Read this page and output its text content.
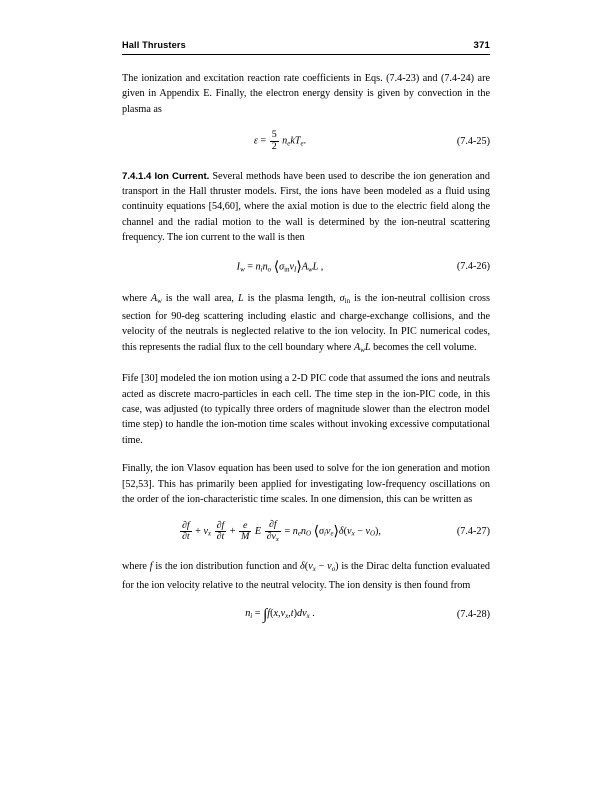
Hall Thrusters	371

The ionization and excitation reaction rate coefficients in Eqs. (7.4-23) and (7.4-24) are given in Appendix E. Finally, the electron energy density is given by convection in the plasma as

$\varepsilon = \frac{5}{2} n_ekT_e$.	(7.4-25)

7.4.1.4 Ion Current. Several methods have been used to describe the ion generation and transport in the Hall thruster models. First, the ions have been modeled as a fluid using continuity equations [54,60], where the axial motion is due to the electric field along the channel and the radial motion to the wall is determined by the ion-neutral scattering frequency. The ion current to the wall is then

$I_w = n_in_o$ $⟨\sigma_{in}v_I⟩A_wL$ ,	(7.4-26)

where $A_w$ is the wall area, L is the plasma length, $\sigma_{in}$ is the ion-neutral collision cross section for 90-deg scattering including elastic and charge-exchange collisions, and the velocity of the neutrals is neglected relative to the ion velocity. In PIC numerical codes, this represents the radial flux to the cell boundary where $A_wL$ becomes the cell volume.

Fife [30] modeled the ion motion using a 2-D PIC code that assumed the ions and neutrals acted as discrete macro-particles in each cell. The time step in the ion-PIC code, in this case, was adjusted (to typically three orders of magnitude slower than the electron model time step) to handle the ion-motion time scales without invoking excessive computational time.

Finally, the ion Vlasov equation has been used to solve for the ion generation and motion [52,53]. This has primarily been applied for investigating low-frequency oscillations on the order of the ion-characteristic time scales. In one dimension, this can be written as

$\frac{\partial f}{\partial t} + v_x \frac{\partial f}{\partial t} + \frac{e}{M}$ E $\frac{\partial f}{\partial v_x} = n_en_O$ $⟨\sigma_iv_e⟩\delta(v_x - v_O)$,	(7.4-27)

where f is the ion distribution function and $\delta(v_x - v_o)$ is the Dirac delta function evaluated for the ion velocity relative to the neutral velocity. The ion density is then found from

$n_i = \int f(x,v_x,t)dv_x$ .	(7.4-28)
